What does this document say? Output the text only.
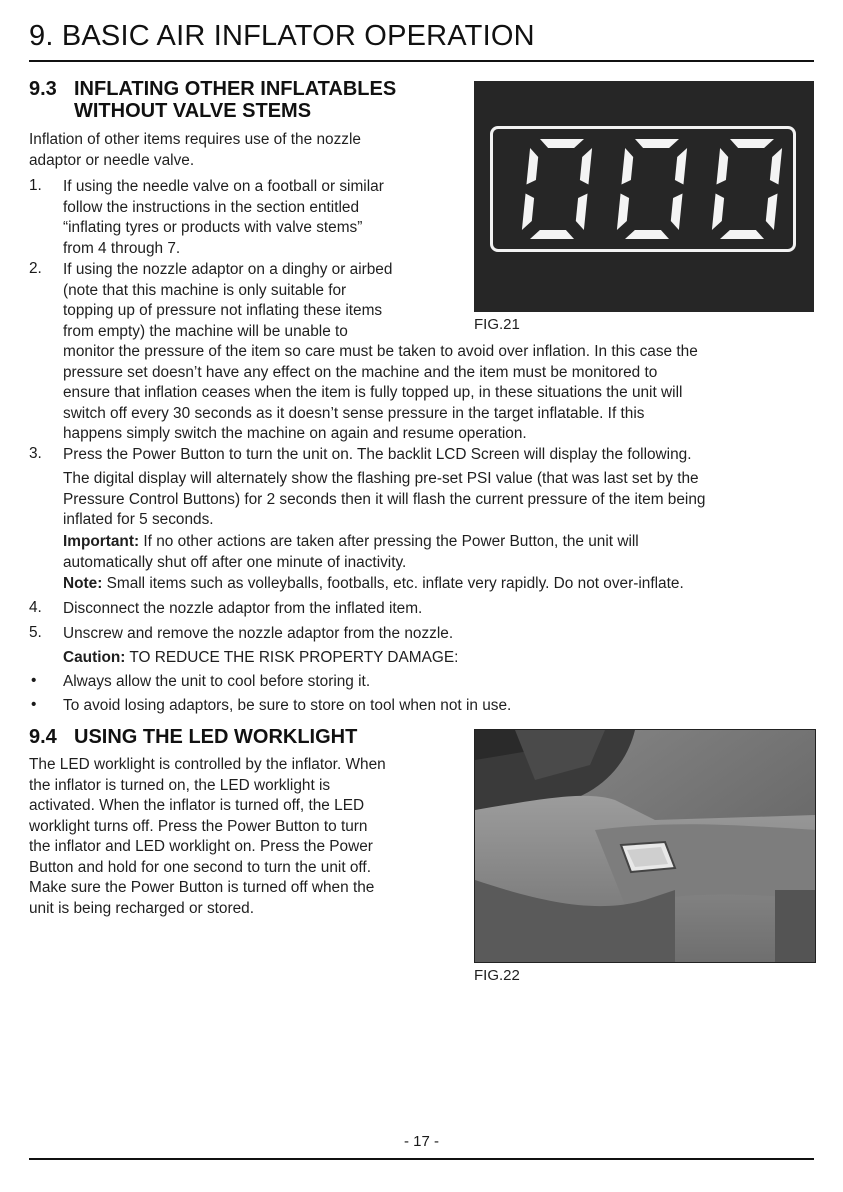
9. BASIC AIR INFLATOR OPERATION
9.3 INFLATING OTHER INFLATABLES
WITHOUT VALVE STEMS
Inflation of other items requires use of the nozzle
adaptor or needle valve.
1. If using the needle valve on a football or similar
follow the instructions in the section entitled
“inflating tyres or products with valve stems”
from 4 through 7.
2. If using the nozzle adaptor on a dinghy or airbed
(note that this machine is only suitable for
topping up of pressure not inflating these items
from empty) the machine will be unable to
monitor the pressure of the item so care must be taken to avoid over inflation. In this case the
pressure set doesn’t have any effect on the machine and the item must be monitored to
ensure that inflation ceases when the item is fully topped up, in these situations the unit will
switch off every 30 seconds as it doesn’t sense pressure in the target inflatable. If this
happens simply switch the machine on again and resume operation.
3. Press the Power Button to turn the unit on. The backlit LCD Screen will display the following.
The digital display will alternately show the flashing pre-set PSI value (that was last set by the
Pressure Control Buttons) for 2 seconds then it will flash the current pressure of the item being
inflated for 5 seconds.
Important: If no other actions are taken after pressing the Power Button, the unit will
automatically shut off after one minute of inactivity.
Note: Small items such as volleyballs, footballs, etc. inflate very rapidly. Do not over-inflate.
4. Disconnect the nozzle adaptor from the inflated item.
5. Unscrew and remove the nozzle adaptor from the nozzle.
Caution: TO REDUCE THE RISK PROPERTY DAMAGE:
• Always allow the unit to cool before storing it.
• To avoid losing adaptors, be sure to store on tool when not in use.
FIG.21
9.4 USING THE LED WORKLIGHT
The LED worklight is controlled by the inflator. When
the inflator is turned on, the LED worklight is
activated. When the inflator is turned off, the LED
worklight turns off. Press the Power Button to turn
the inflator and LED worklight on. Press the Power
Button and hold for one second to turn the unit off.
Make sure the Power Button is turned off when the
unit is being recharged or stored.
FIG.22
- 17 -
